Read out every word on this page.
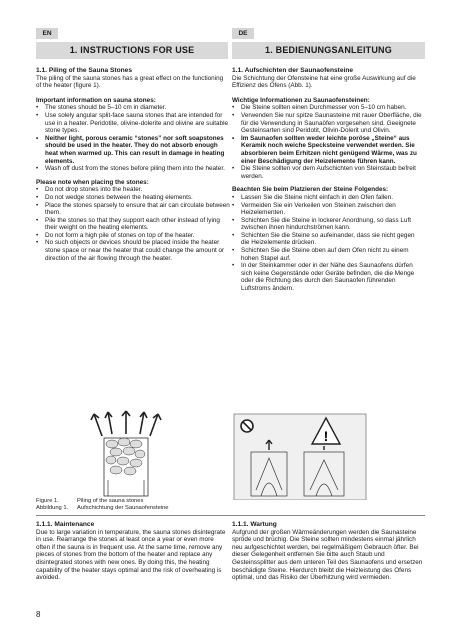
EN	DE
1. INSTRUCTIONS FOR USE	1. BEDIENUNGSANLEITUNG
1.1. Piling of the Sauna Stones
The piling of the sauna stones has a great effect on the functioning of the heater (figure 1).
Important information on sauna stones:
• The stones should be 5–10 cm in diameter.
• Use solely angular split-face sauna stones that are intended for use in a heater. Peridotite, olivine-dolerite and olivine are suitable stone types.
• Neither light, porous ceramic “stones” nor soft soapstones should be used in the heater. They do not absorb enough heat when warmed up. This can result in damage in heating elements.
• Wash off dust from the stones before piling them into the heater.
Please note when placing the stones:
• Do not drop stones into the heater.
• Do not wedge stones between the heating elements.
• Place the stones sparsely to ensure that air can circulate between them.
• Pile the stones so that they support each other instead of lying their weight on the heating elements.
• Do not form a high pile of stones on top of the heater.
• No such objects or devices should be placed inside the heater stone space or near the heater that could change the amount or direction of the air flowing through the heater.
1.1. Aufschichten der Saunaofensteine
Die Schichtung der Ofensteine hat eine große Auswirkung auf die Effizienz des Ofens (Abb. 1).
Wichtige Informationen zu Saunaofensteinen:
• Die Steine sollten einen Durchmesser von 5–10 cm haben.
• Verwenden Sie nur spitze Saunasteine mit rauer Oberfläche, die für die Verwendung in Saunaöfen vorgesehen sind. Geeignete Gesteinsarten sind Peridotit, Olivin-Dolerit und Olivin.
• Im Saunaofen sollten weder leichte poröse „Steine“ aus Keramik noch weiche Specksteine verwendet werden. Sie absorbieren beim Erhitzen nicht genügend Wärme, was zu einer Beschädigung der Heizelemente führen kann.
• Die Steine sollten vor dem Aufschichten von Steinstaub befreit werden.
Beachten Sie beim Platzieren der Steine Folgendes:
• Lassen Sie die Steine nicht einfach in den Ofen fallen.
• Vermeiden Sie ein Verkeilen von Steinen zwischen den Heizelementen.
• Schichten Sie die Steine in lockerer Anordnung, so dass Luft zwischen ihnen hindurchströmen kann.
• Schichten Sie die Steine so aufeinander, dass sie nicht gegen die Heizelemente drücken.
• Schichten Sie die Steine oben auf dem Ofen nicht zu einem hohen Stapel auf.
• In der Steinkammer oder in der Nähe des Saunaofens dürfen sich keine Gegenstände oder Geräte befinden, die die Menge oder die Richtung des durch den Saunaofen führenden Luftstroms ändern.
!
Figure 1.	Piling of the sauna stones
Abbildung 1.	Aufschichtung der Saunaofensteine
1.1.1. Maintenance
Due to large variation in temperature, the sauna stones disintegrate in use. Rearrange the stones at least once a year or even more often if the sauna is in frequent use. At the same time, remove any pieces of stones from the bottom of the heater and replace any disintegrated stones with new ones. By doing this, the heating capability of the heater stays optimal and the risk of overheating is avoided.
1.1.1. Wartung
Aufgrund der großen Wärmeänderungen werden die Saunasteine spröde und brüchig. Die Steine sollten mindestens einmal jährlich neu aufgeschichtet werden, bei regelmäßigem Gebrauch öfter. Bei dieser Gelegenheit entfernen Sie bitte auch Staub und Gesteinssplitter aus dem unteren Teil des Saunaofens und ersetzen beschädigte Steine. Hierdurch bleibt die Heizleistung des Ofens optimal, und das Risiko der Überhitzung wird vermieden.
8
